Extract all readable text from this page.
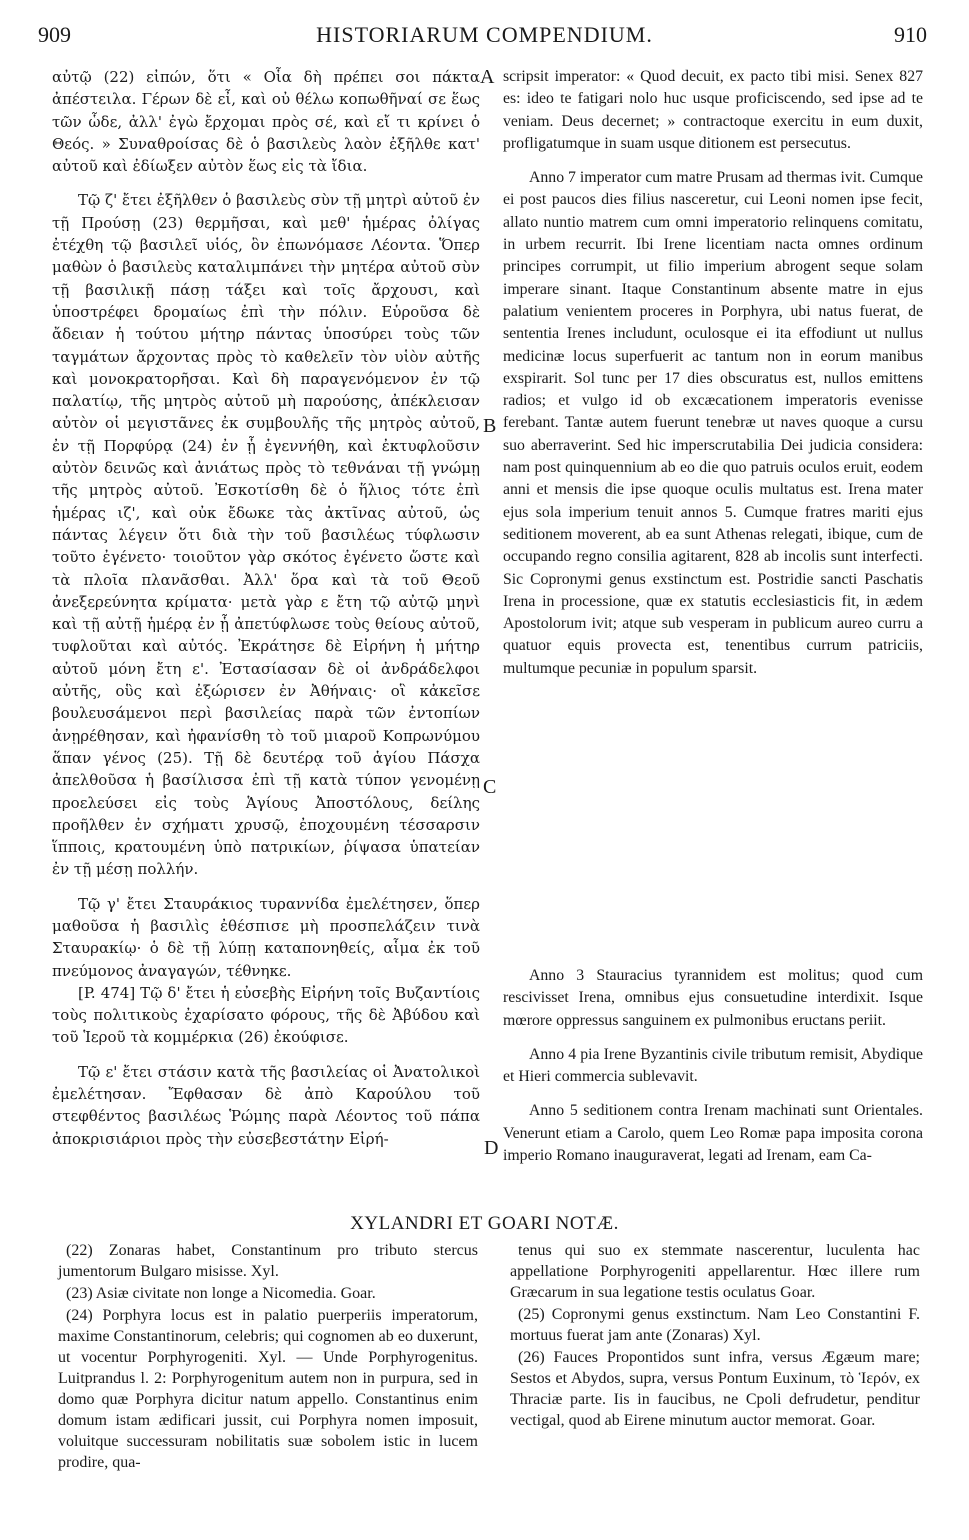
909	HISTORIARUM COMPENDIUM.	910

αὐτῷ (22) εἰπών, ὅτι « Οἷα δὴ πρέπει σοι πάκτα ἀπέστειλα. Γέρων δὲ εἶ, καὶ οὐ θέλω κοπωθῆναί σε ἕως τῶν ὧδε, ἀλλ' ἐγὼ ἔρχομαι πρὸς σέ, καὶ εἴ τι κρίνει ὁ Θεός. » Συναθροίσας δὲ ὁ βασιλεὺς λαὸν ἐξῆλθε κατ' αὐτοῦ καὶ ἐδίωξεν αὐτὸν ἕως εἰς τὰ ἴδια.

Τῷ ζ' ἔτει ἐξῆλθεν ὁ βασιλεὺς σὺν τῇ μητρὶ αὐτοῦ ἐν τῇ Προύσῃ (23) θερμῆσαι, καὶ μεθ' ἡμέρας ὀλίγας ἐτέχθη τῷ βασιλεῖ υἱός, ὃν ἐπωνόμασε Λέοντα. Ὅπερ μαθὼν ὁ βασιλεὺς καταλιμπάνει τὴν μητέρα αὐτοῦ σὺν τῇ βασιλικῇ πάσῃ τάξει καὶ τοῖς ἄρχουσι, καὶ ὑποστρέφει δρομαίως ἐπὶ τὴν πόλιν. Εὑροῦσα δὲ ἄδειαν ἡ τούτου μήτηρ πάντας ὑποσύρει τοὺς τῶν ταγμάτων ἄρχοντας πρὸς τὸ καθελεῖν τὸν υἱὸν αὐτῆς καὶ μονοκρατορῆσαι. Καὶ δὴ παραγενόμενον ἐν τῷ παλατίῳ, τῆς μητρὸς αὐτοῦ μὴ παρούσης, ἀπέκλεισαν αὐτὸν οἱ μεγιστᾶνες ἐκ συμβουλῆς τῆς μητρὸς αὐτοῦ, ἐν τῇ Πορφύρᾳ (24) ἐν ᾗ ἐγεννήθη, καὶ ἐκτυφλοῦσιν αὐτὸν δεινῶς καὶ ἀνιάτως πρὸς τὸ τεθνάναι τῇ γνώμῃ τῆς μητρὸς αὐτοῦ. Ἐσκοτίσθη δὲ ὁ ἥλιος τότε ἐπὶ ἡμέρας ιζ', καὶ οὐκ ἔδωκε τὰς ἀκτῖνας αὐτοῦ, ὡς πάντας λέγειν ὅτι διὰ τὴν τοῦ βασιλέως τύφλωσιν τοῦτο ἐγένετο· τοιοῦτον γὰρ σκότος ἐγένετο ὥστε καὶ τὰ πλοῖα πλανᾶσθαι. Ἀλλ' ὅρα καὶ τὰ τοῦ Θεοῦ ἀνεξερεύνητα κρίματα· μετὰ γὰρ ε ἔτη τῷ αὐτῷ μηνὶ καὶ τῇ αὐτῇ ἡμέρᾳ ἐν ᾗ ἀπετύφλωσε τοὺς θείους αὐτοῦ, τυφλοῦται καὶ αὐτός. Ἐκράτησε δὲ Εἰρήνη ἡ μήτηρ αὐτοῦ μόνη ἔτη ε'. Ἐστασίασαν δὲ οἱ ἀνδράδελφοι αὐτῆς, οὓς καὶ ἐξώρισεν ἐν Ἀθήναις· οἳ κἀκεῖσε βουλευσάμενοι περὶ βασιλείας παρὰ τῶν ἐντοπίων ἀνῃρέθησαν, καὶ ἠφανίσθη τὸ τοῦ μιαροῦ Κοπρωνύμου ἅπαν γένος (25). Τῇ δὲ δευτέρᾳ τοῦ ἁγίου Πάσχα ἀπελθοῦσα ἡ βασίλισσα ἐπὶ τῇ κατὰ τύπον γενομένῃ προελεύσει εἰς τοὺς Ἁγίους Ἀποστόλους, δείλης προῆλθεν ἐν σχήματι χρυσῷ, ἐποχουμένη τέσσαρσιν ἵπποις, κρατουμένη ὑπὸ πατρικίων, ῥίψασα ὑπατείαν ἐν τῇ μέσῃ πολλήν.

Τῷ γ' ἔτει Σταυράκιος τυραννίδα ἐμελέτησεν, ὅπερ μαθοῦσα ἡ βασιλὶς ἐθέσπισε μὴ προσπελάζειν τινὰ Σταυρακίῳ· ὁ δὲ τῇ λύπῃ καταπονηθείς, αἷμα ἐκ τοῦ πνεύμονος ἀναγαγών, τέθνηκε.

[P. 474] Τῷ δ' ἔτει ἡ εὐσεβὴς Εἰρήνη τοῖς Βυζαντίοις τοὺς πολιτικοὺς ἐχαρίσατο φόρους, τῆς δὲ Ἀβύδου καὶ τοῦ Ἱεροῦ τὰ κομμέρκια (26) ἐκούφισε.

Τῷ ε' ἔτει στάσιν κατὰ τῆς βασιλείας οἱ Ἀνατολικοὶ ἐμελέτησαν. Ἔφθασαν δὲ ἀπὸ Καρούλου τοῦ στεφθέντος βασιλέως Ῥώμης παρὰ Λέοντος τοῦ πάπα ἀποκρισιάριοι πρὸς τὴν εὐσεβεστάτην Εἰρή-

A
B
C
D

scripsit imperator: « Quod decuit, ex pacto tibi misi. Senex 827 es: ideo te fatigari nolo huc usque proficiscendo, sed ipse ad te veniam. Deus decernet; » contractoque exercitu in eum duxit, profligatumque in suam usque ditionem est persecutus.

Anno 7 imperator cum matre Prusam ad thermas ivit. Cumque ei post paucos dies filius nasceretur, cui Leoni nomen ipse fecit, allato nuntio matrem cum omni imperatorio relinquens comitatu, in urbem recurrit. Ibi Irene licentiam nacta omnes ordinum principes corrumpit, ut filio imperium abrogent seque solam imperare sinant. Itaque Constantinum absente matre in ejus palatium venientem proceres in Porphyra, ubi natus fuerat, de sententia Irenes includunt, oculosque ei ita effodiunt ut nullus medicinæ locus superfuerit ac tantum non in eorum manibus exspirarit. Sol tunc per 17 dies obscuratus est, nullos emittens radios; et vulgo id ob excæcationem imperatoris evenisse ferebant. Tantæ autem fuerunt tenebræ ut naves quoque a cursu suo aberraverint. Sed hic imperscrutabilia Dei judicia considera: nam post quinquennium ab eo die quo patruis oculos eruit, eodem anni et mensis die ipse quoque oculis multatus est. Irena mater ejus sola imperium tenuit annos 5. Cumque fratres mariti ejus seditionem moverent, ab ea sunt Athenas relegati, ibique, cum de occupando regno consilia agitarent, 828 ab incolis sunt interfecti. Sic Copronymi genus exstinctum est. Postridie sancti Paschatis Irena in processione, quæ ex statutis ecclesiasticis fit, in ædem Apostolorum ivit; atque sub vesperam in publicum aureo curru a quatuor equis provecta est, tenentibus currum patriciis, multumque pecuniæ in populum sparsit.

Anno 3 Stauracius tyrannidem est molitus; quod cum rescivisset Irena, omnibus ejus consuetudine interdixit. Isque mœrore oppressus sanguinem ex pulmonibus eructans periit.

Anno 4 pia Irene Byzantinis civile tributum remisit, Abydique et Hieri commercia sublevavit.

Anno 5 seditionem contra Irenam machinati sunt Orientales. Venerunt etiam a Carolo, quem Leo Romæ papa imposita corona imperio Romano inauguraverat, legati ad Irenam, eam Ca-

XYLANDRI ET GOARI NOTÆ.

(22) Zonaras habet, Constantinum pro tributo stercus jumentorum Bulgaro misisse. Xyl.

(23) Asiæ civitate non longe a Nicomedia. Goar.

(24) Porphyra locus est in palatio puerperiis imperatorum, maxime Constantinorum, celebris; qui cognomen ab eo duxerunt, ut vocentur Porphyrogeniti. Xyl. — Unde Porphyrogenitus. Luitprandus l. 2: Porphyrogenitum autem non in purpura, sed in domo quæ Porphyra dicitur natum appello. Constantinus enim domum istam ædificari jussit, cui Porphyra nomen imposuit, voluitque successuram nobilitatis suæ sobolem istic in lucem prodire, qua-

tenus qui suo ex stemmate nascerentur, luculenta hac appellatione Porphyrogeniti appellarentur. Hœc illere rum Græcarum in sua legatione testis oculatus Goar.

(25) Copronymi genus exstinctum. Nam Leo Constantini F. mortuus fuerat jam ante (Zonaras) Xyl.

(26) Fauces Propontidos sunt infra, versus Ægæum mare; Sestos et Abydos, supra, versus Pontum Euxinum, τὸ Ἱερόν, ex Thraciæ parte. Iis in faucibus, ne Cpoli defrudetur, penditur vectigal, quod ab Eirene minutum auctor memorat. Goar.
